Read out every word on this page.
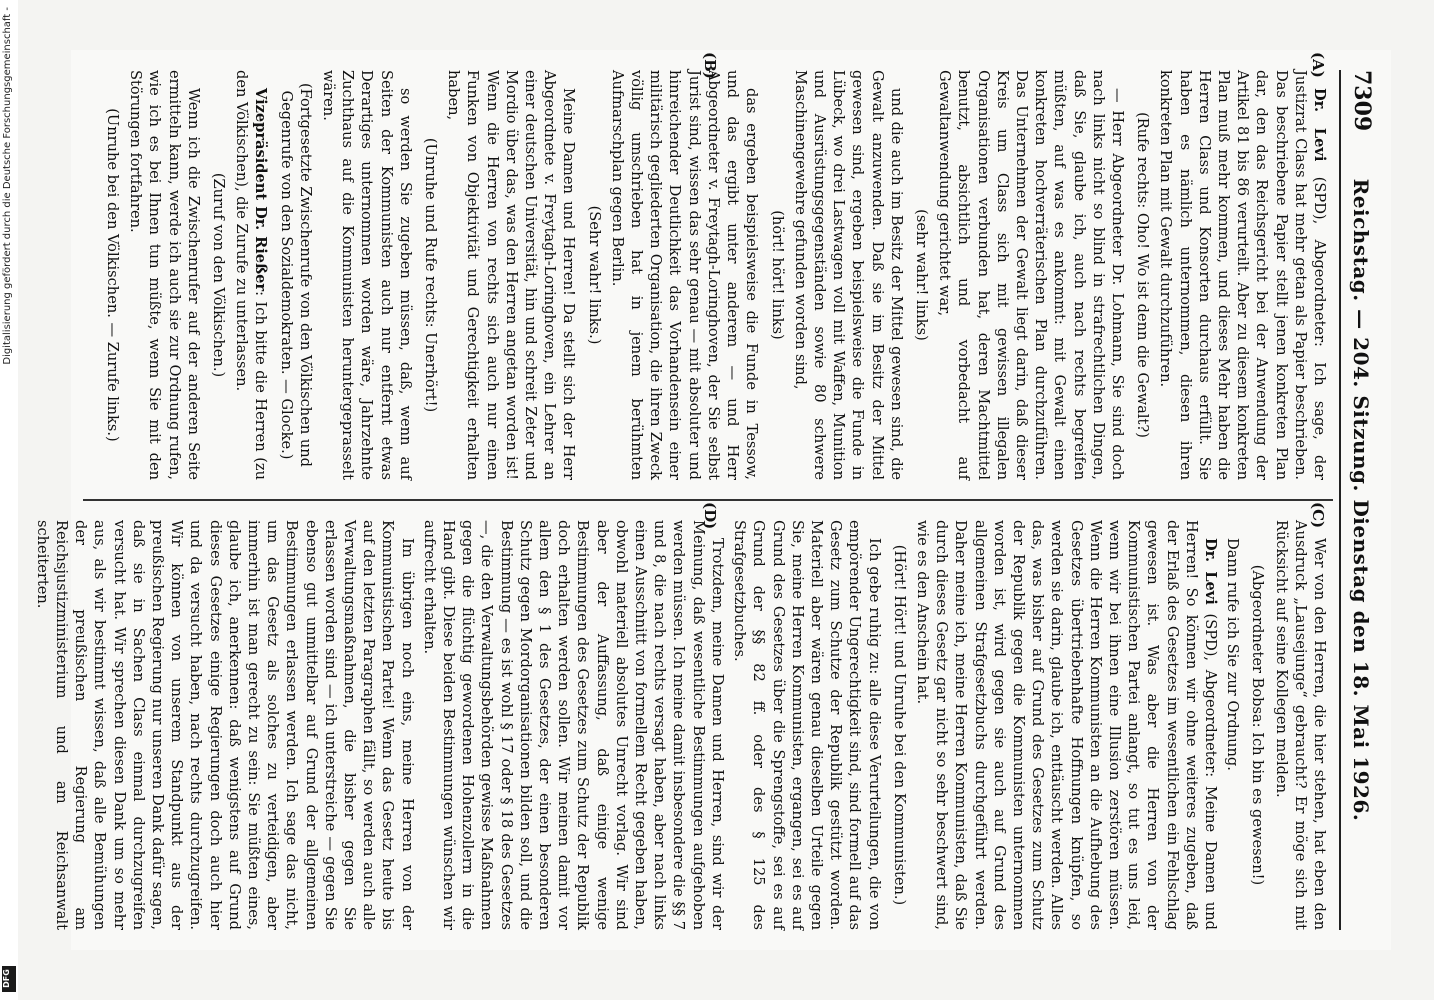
Digitalisierung gefördert durch die Deutsche Forschungsgemeinschaft -
DFG
Reichstag. — 204. Sitzung. Dienstag den 18. Mai 1926.
7309
(A)
(B)
(C)
(D)

Dr. Levi (SPD), Abgeordneter: Ich sage, der Justizrat Class hat mehr getan als Papier beschrieben. Das beschriebene Papier stellt jenen konkreten Plan dar, den das Reichsgericht bei der Anwendung der Artikel 81 bis 86 verurteilt. Aber zu diesem konkreten Plan muß mehr kommen, und dieses Mehr haben die Herren Class und Konsorten durchaus erfüllt. Sie haben es nämlich unternommen, diesen ihren konkreten Plan mit Gewalt durchzuführen.

(Rufe rechts: Oho! Wo ist denn die Gewalt?)

— Herr Abgeordneter Dr. Lohmann, Sie sind doch nach links nicht so blind in strafrechtlichen Dingen, daß Sie, glaube ich, auch nach rechts begreifen müßten, auf was es ankommt: mit Gewalt einen konkreten hochverräterischen Plan durchzuführen. Das Unternehmen der Gewalt liegt darin, daß dieser Kreis um Class sich mit gewissen illegalen Organisationen verbunden hat, deren Machtmittel benutzt, absichtlich und vorbedacht auf Gewaltanwendung gerichtet war,

(sehr wahr! links)

und die auch im Besitz der Mittel gewesen sind, die Gewalt anzuwenden. Daß sie im Besitz der Mittel gewesen sind, ergeben beispielsweise die Funde in Lübeck, wo drei Lastwagen voll mit Waffen, Munition und Ausrüstungsgegenständen sowie 80 schwere Maschinengewehre gefunden worden sind,

(hört! hört! links)

das ergeben beispielsweise die Funde in Tessow, und das ergibt unter anderem — und Herr Abgeordneter v. Freytagh-Loringhoven, der Sie selbst Jurist sind, wissen das sehr genau — mit absoluter und hinreichender Deutlichkeit das Vorhandensein einer militärisch gegliederten Organisation, die ihren Zweck völlig umschrieben hat in jenem berühmten Aufmarschplan gegen Berlin.

(Sehr wahr! links.)

Meine Damen und Herren! Da stellt sich der Herr Abgeordnete v. Freytagh-Loringhoven, ein Lehrer an einer deutschen Universität, hin und schreit Zeter und Mordio über das, was den Herren angetan worden ist! Wenn die Herren von rechts sich auch nur einen Funken von Objektivität und Gerechtigkeit erhalten haben,

(Unruhe und Rufe rechts: Unerhört!)

so werden Sie zugeben müssen, daß, wenn auf Seiten der Kommunisten auch nur entfernt etwas Derartiges unternommen worden wäre, Jahrzehnte Zuchthaus auf die Kommunisten heruntergeprasselt wären.

(Fortgesetzte Zwischenrufe von den Völkischen und Gegenrufe von den Sozialdemokraten. — Glocke.)

Vizepräsident Dr. Rießer: Ich bitte die Herren (zu den Völkischen), die Zurufe zu unterlassen.

(Zuruf von den Völkischen.)

Wenn ich die Zwischenrufer auf der anderen Seite ermitteln kann, werde ich auch sie zur Ordnung rufen, wie ich es bei Ihnen tun müßte, wenn Sie mit den Störungen fortfahren.

(Unruhe bei den Völkischen. — Zurufe links.)

Wer von den Herren, die hier stehen, hat eben den Ausdruck „Lausejunge“ gebraucht? Er möge sich mit Rücksicht auf seine Kollegen melden.

(Abgeordneter Bobsa: Ich bin es gewesen!)

Dann rufe ich Sie zur Ordnung.

Dr. Levi (SPD), Abgeordneter: Meine Damen und Herren! So können wir ohne weiteres zugeben, daß der Erlaß des Gesetzes im wesentlichen ein Fehlschlag gewesen ist. Was aber die Herren von der Kommunistischen Partei anlangt, so tut es uns leid, wenn wir bei ihnen eine Illusion zerstören müssen. Wenn die Herren Kommunisten an die Aufhebung des Gesetzes übertriebenhafte Hoffnungen knüpfen, so werden sie darin, glaube ich, enttäuscht werden. Alles das, was bisher auf Grund des Gesetzes zum Schutz der Republik gegen die Kommunisten unternommen worden ist, wird gegen sie auch auf Grund des allgemeinen Strafgesetzbuchs durchgeführt werden. Daher meine ich, meine Herren Kommunisten, daß Sie durch dieses Gesetz gar nicht so sehr beschwert sind, wie es den Anschein hat.

(Hört! Hört! und Unruhe bei den Kommunisten.)

Ich gebe ruhig zu: alle diese Verurteilungen, die von empörender Ungerechtigkeit sind, sind formell auf das Gesetz zum Schutze der Republik gestützt worden. Materiell aber wären genau dieselben Urteile gegen Sie, meine Herren Kommunisten, ergangen, sei es auf Grund des Gesetzes über die Sprengstoffe, sei es auf Grund der §§ 82 ff. oder des § 125 des Strafgesetzbuches.

Trotzdem, meine Damen und Herren, sind wir der Meinung, daß wesentliche Bestimmungen aufgehoben werden müssen. Ich meine damit insbesondere die §§ 7 und 8, die nach rechts versagt haben, aber nach links einen Ausschnitt von formellem Recht gegeben haben, obwohl materiell absolutes Unrecht vorlag. Wir sind aber der Auffassung, daß einige wenige Bestimmungen des Gesetzes zum Schutz der Republik doch erhalten werden sollen. Wir meinen damit vor allem den § 1 des Gesetzes, der einen besonderen Schutz gegen Mordorganisationen bilden soll, und die Bestimmung — es ist wohl § 17 oder § 18 des Gesetzes —, die den Verwaltungsbehörden gewisse Maßnahmen gegen die flüchtig gewordenen Hohenzollern in die Hand gibt. Diese beiden Bestimmungen wünschen wir aufrecht erhalten.

Im übrigen noch eins, meine Herren von der Kommunistischen Partei! Wenn das Gesetz heute bis auf den letzten Paragraphen fällt, so werden auch alle Verwaltungsmaßnahmen, die bisher gegen Sie erlassen worden sind — ich unterstreiche — gegen Sie ebenso gut unmittelbar auf Grund der allgemeinen Bestimmungen erlassen werden. Ich sage das nicht, um das Gesetz als solches zu verteidigen, aber immerhin ist man gerecht zu sein: Sie müßten eines, glaube ich, anerkennen: daß wenigstens auf Grund dieses Gesetzes einige Regierungen doch auch hier und da versucht haben, nach rechts durchzugreifen. Wir können von unserem Standpunkt aus der preußischen Regierung nur unseren Dank dafür sagen, daß sie in Sachen Class einmal durchzugreifen versucht hat. Wir sprechen diesen Dank um so mehr aus, als wir bestimmt wissen, daß alle Bemühungen der preußischen Regierung am Reichsjustizministerium und am Reichsanwalt scheiterten.
